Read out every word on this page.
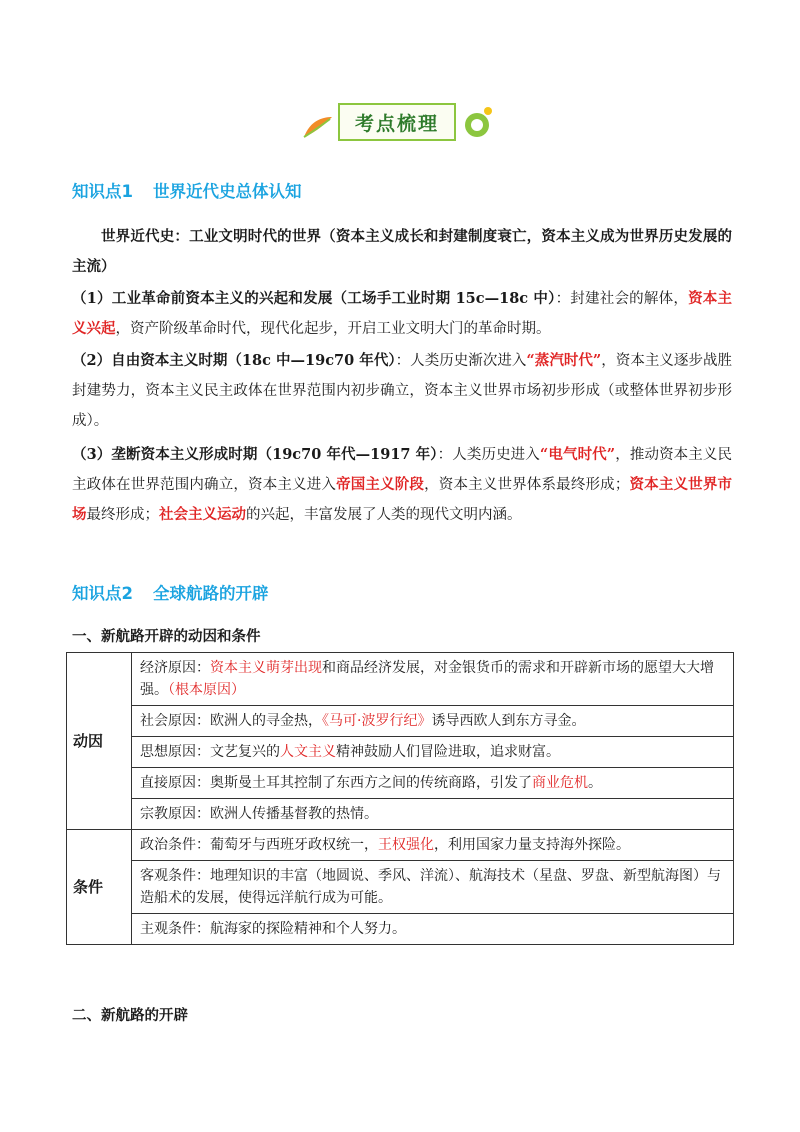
考点梳理
知识点1 世界近代史总体认知
世界近代史：工业文明时代的世界（资本主义成长和封建制度衰亡，资本主义成为世界历史发展的主流）
（1）工业革命前资本主义的兴起和发展（工场手工业时期 15c—18c 中）：封建社会的解体，资本主义兴起，资产阶级革命时代，现代化起步，开启工业文明大门的革命时期。
（2）自由资本主义时期（18c 中—19c70 年代）：人类历史渐次进入“蒸汽时代”，资本主义逐步战胜封建势力，资本主义民主政体在世界范围内初步确立，资本主义世界市场初步形成（或整体世界初步形成）。
（3）垄断资本主义形成时期（19c70 年代—1917 年）：人类历史进入“电气时代”，推动资本主义民主政体在世界范围内确立，资本主义进入帝国主义阶段，资本主义世界体系最终形成；资本主义世界市场最终形成；社会主义运动的兴起，丰富发展了人类的现代文明内涵。
知识点2 全球航路的开辟
一、新航路开辟的动因和条件
动因	经济原因：资本主义萌芽出现和商品经济发展，对金银货币的需求和开辟新市场的愿望大大增强。（根本原因）
	社会原因：欧洲人的寻金热，《马可·波罗行纪》诱导西欧人到东方寻金。
	思想原因：文艺复兴的人文主义精神鼓励人们冒险进取，追求财富。
	直接原因：奥斯曼土耳其控制了东西方之间的传统商路，引发了商业危机。
	宗教原因：欧洲人传播基督教的热情。
条件	政治条件：葡萄牙与西班牙政权统一，王权强化，利用国家力量支持海外探险。
	客观条件：地理知识的丰富（地圆说、季风、洋流）、航海技术（星盘、罗盘、新型航海图）与造船术的发展，使得远洋航行成为可能。
	主观条件：航海家的探险精神和个人努力。
二、新航路的开辟
